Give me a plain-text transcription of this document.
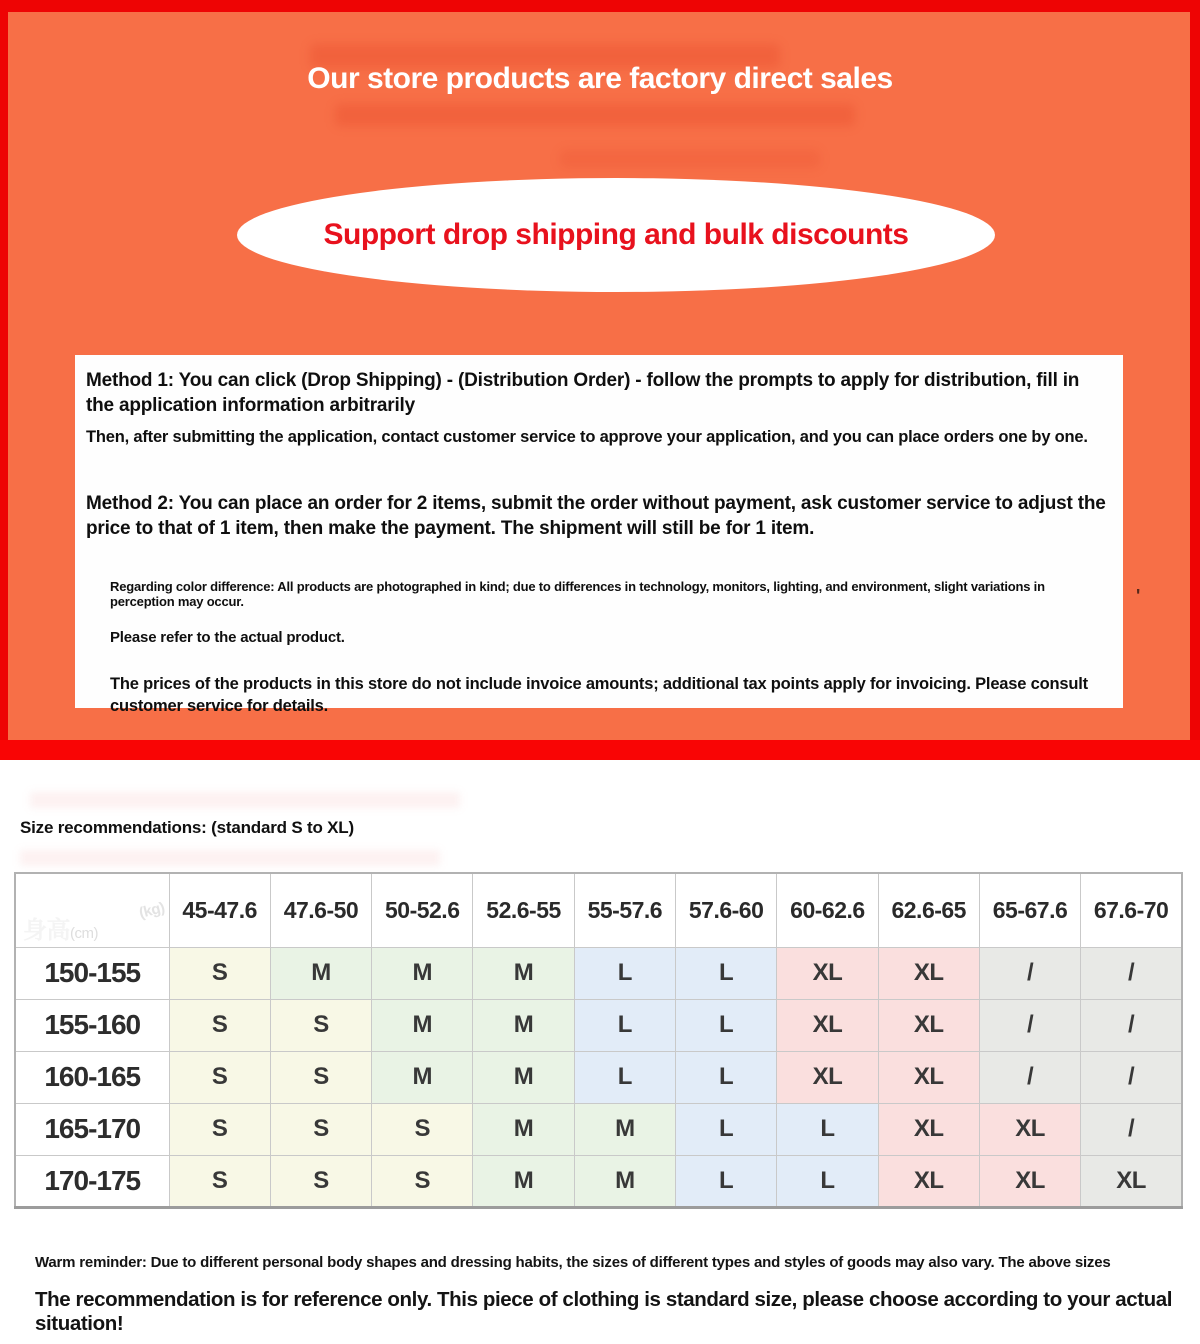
Our store products are factory direct sales
Support drop shipping and bulk discounts

Method 1: You can click (Drop Shipping) - (Distribution Order) - follow the prompts to apply for distribution, fill in the application information arbitrarily

Then, after submitting the application, contact customer service to approve your application, and you can place orders one by one.

Method 2: You can place an order for 2 items, submit the order without payment, ask customer service to adjust the price to that of 1 item, then make the payment. The shipment will still be for 1 item.

Regarding color difference: All products are photographed in kind; due to differences in technology, monitors, lighting, and environment, slight variations in perception may occur.

Please refer to the actual product.

The prices of the products in this store do not include invoice amounts; additional tax points apply for invoicing. Please consult customer service for details.

'
Size recommendations: (standard S to XL)
Weight
(kg)
身高(cm)	45-47.6	47.6-50	50-52.6	52.6-55	55-57.6	57.6-60	60-62.6	62.6-65	65-67.6	67.6-70
150-155	S	M	M	M	L	L	XL	XL	/	/
155-160	S	S	M	M	L	L	XL	XL	/	/
160-165	S	S	M	M	L	L	XL	XL	/	/
165-170	S	S	S	M	M	L	L	XL	XL	/
170-175	S	S	S	M	M	L	L	XL	XL	XL

Warm reminder: Due to different personal body shapes and dressing habits, the sizes of different types and styles of goods may also vary. The above sizes

The recommendation is for reference only. This piece of clothing is standard size, please choose according to your actual situation!
